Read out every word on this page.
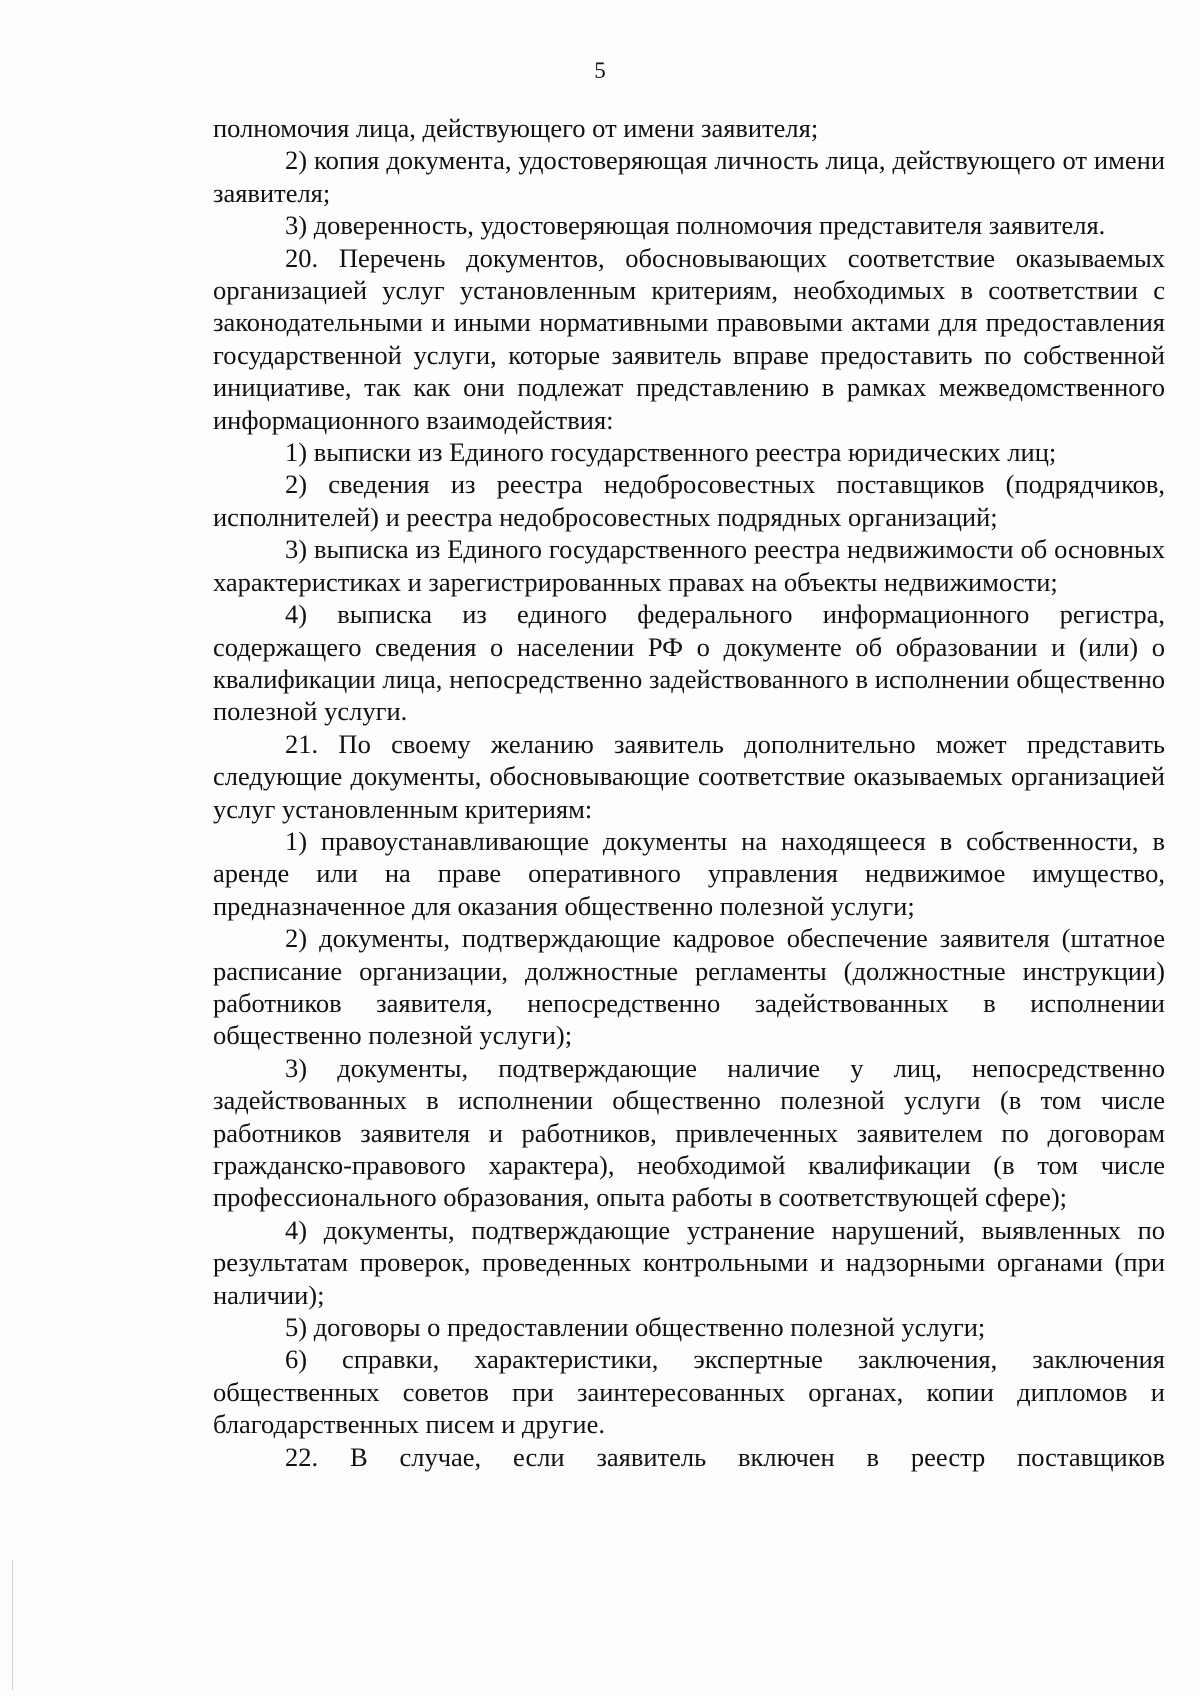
5

полномочия лица, действующего от имени заявителя;

2) копия документа, удостоверяющая личность лица, действующего от имени заявителя;

3) доверенность, удостоверяющая полномочия представителя заявителя.

20. Перечень документов, обосновывающих соответствие оказываемых организацией услуг установленным критериям, необходимых в соответствии с законодательными и иными нормативными правовыми актами для предоставления государственной услуги, которые заявитель вправе предоставить по собственной инициативе, так как они подлежат представлению в рамках межведомственного информационного взаимодействия:

1) выписки из Единого государственного реестра юридических лиц;

2) сведения из реестра недобросовестных поставщиков (подрядчиков, исполнителей) и реестра недобросовестных подрядных организаций;

3) выписка из Единого государственного реестра недвижимости об основных характеристиках и зарегистрированных правах на объекты недвижимости;

4) выписка из единого федерального информационного регистра, содержащего сведения о населении РФ о документе об образовании и (или) о квалификации лица, непосредственно задействованного в исполнении общественно полезной услуги.

21. По своему желанию заявитель дополнительно может представить следующие документы, обосновывающие соответствие оказываемых организацией услуг установленным критериям:

1) правоустанавливающие документы на находящееся в собственности, в аренде или на праве оперативного управления недвижимое имущество, предназначенное для оказания общественно полезной услуги;

2) документы, подтверждающие кадровое обеспечение заявителя (штатное расписание организации, должностные регламенты (должностные инструкции) работников заявителя, непосредственно задействованных в исполнении общественно полезной услуги);

3) документы, подтверждающие наличие у лиц, непосредственно задействованных в исполнении общественно полезной услуги (в том числе работников заявителя и работников, привлеченных заявителем по договорам гражданско-правового характера), необходимой квалификации (в том числе профессионального образования, опыта работы в соответствующей сфере);

4) документы, подтверждающие устранение нарушений, выявленных по результатам проверок, проведенных контрольными и надзорными органами (при наличии);

5) договоры о предоставлении общественно полезной услуги;

6) справки, характеристики, экспертные заключения, заключения общественных советов при заинтересованных органах, копии дипломов и благодарственных писем и другие.

22. В случае, если заявитель включен в реестр поставщиков
